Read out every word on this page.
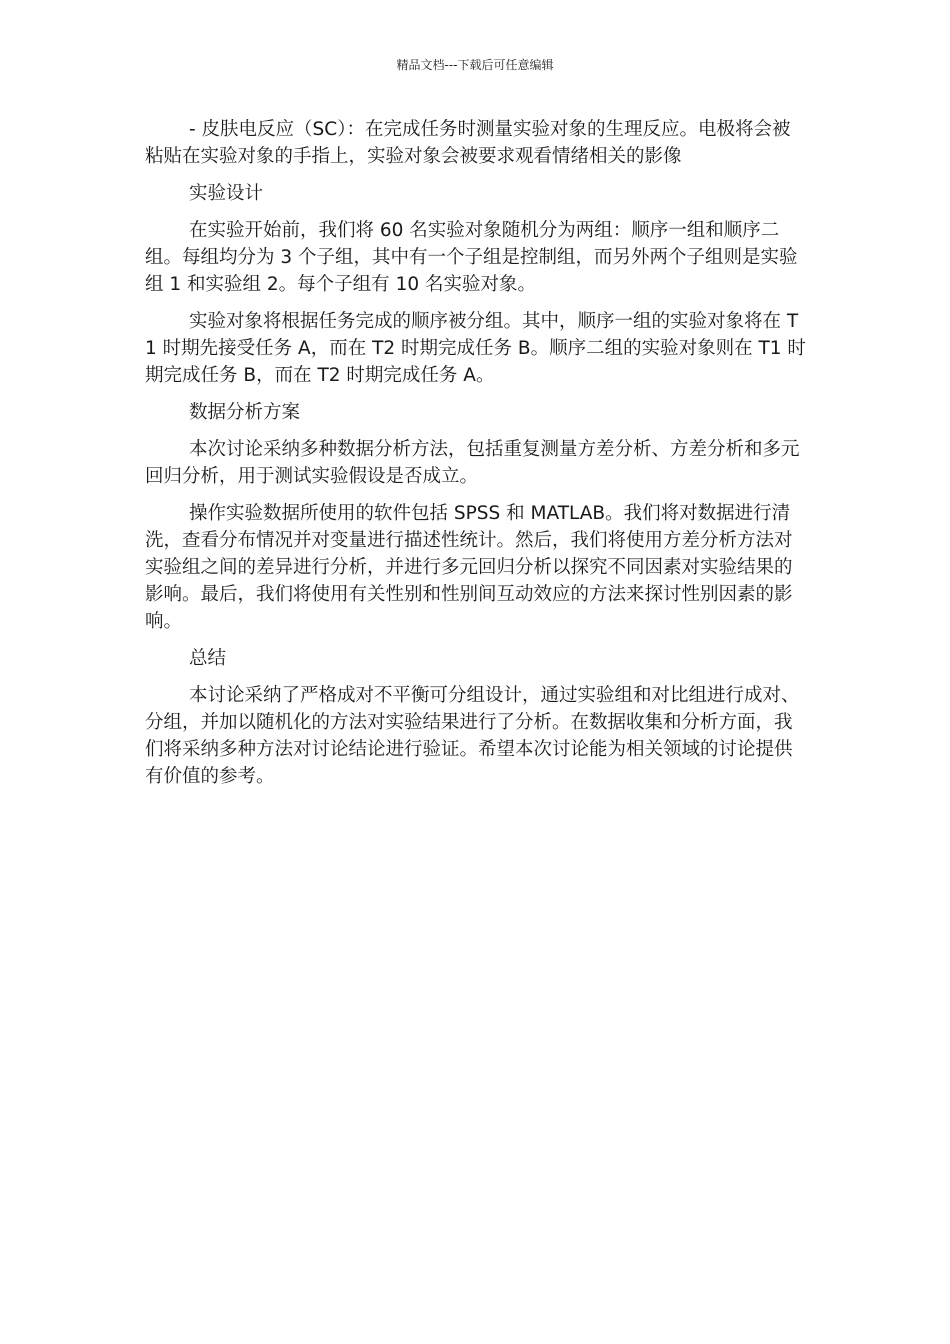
精品文档---下载后可任意编辑

- 皮肤电反应（SC）：在完成任务时测量实验对象的生理反应。电极将会被粘贴在实验对象的手指上，实验对象会被要求观看情绪相关的影像

实验设计

在实验开始前，我们将 60 名实验对象随机分为两组：顺序一组和顺序二组。每组均分为 3 个子组，其中有一个子组是控制组，而另外两个子组则是实验组 1 和实验组 2。每个子组有 10 名实验对象。

实验对象将根据任务完成的顺序被分组。其中，顺序一组的实验对象将在 T1 时期先接受任务 A，而在 T2 时期完成任务 B。顺序二组的实验对象则在 T1 时期完成任务 B，而在 T2 时期完成任务 A。

数据分析方案

本次讨论采纳多种数据分析方法，包括重复测量方差分析、方差分析和多元回归分析，用于测试实验假设是否成立。

操作实验数据所使用的软件包括 SPSS 和 MATLAB。我们将对数据进行清洗，查看分布情况并对变量进行描述性统计。然后，我们将使用方差分析方法对实验组之间的差异进行分析，并进行多元回归分析以探究不同因素对实验结果的影响。最后，我们将使用有关性别和性别间互动效应的方法来探讨性别因素的影响。

总结

本讨论采纳了严格成对不平衡可分组设计，通过实验组和对比组进行成对、分组，并加以随机化的方法对实验结果进行了分析。在数据收集和分析方面，我们将采纳多种方法对讨论结论进行验证。希望本次讨论能为相关领域的讨论提供有价值的参考。
